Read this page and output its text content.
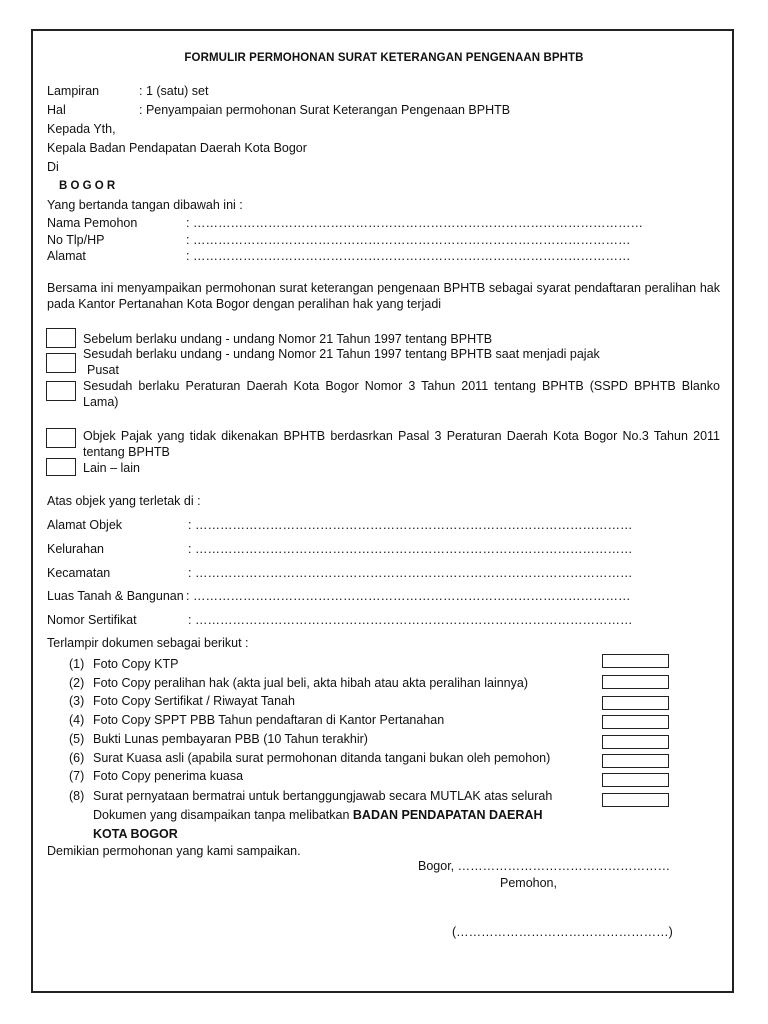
FORMULIR PERMOHONAN SURAT KETERANGAN PENGENAAN BPHTB
Lampiran	: 1 (satu) set
Hal	: Penyampaian permohonan Surat Keterangan Pengenaan BPHTB
Kepada Yth,
Kepala Badan Pendapatan Daerah Kota Bogor
Di
B O G O R
Yang bertanda tangan dibawah ini :
Nama Pemohon	: ………………………………………………………………………………………………
No Tlp/HP	: ……………………………………………………………………………………………
Alamat	: ……………………………………………………………………………………………
Bersama ini menyampaikan permohonan surat keterangan pengenaan BPHTB sebagai syarat pendaftaran peralihan hak pada Kantor Pertanahan Kota Bogor dengan peralihan hak yang terjadi
Sebelum berlaku undang - undang Nomor 21 Tahun 1997 tentang BPHTB
Sesudah berlaku undang - undang Nomor 21 Tahun 1997 tentang BPHTB saat menjadi pajak
Pusat
Sesudah berlaku Peraturan Daerah Kota Bogor Nomor 3 Tahun 2011 tentang BPHTB (SSPD BPHTB Blanko Lama)
Objek Pajak yang tidak dikenakan BPHTB berdasrkan Pasal 3 Peraturan Daerah Kota Bogor No.3 Tahun 2011 tentang BPHTB
Lain – lain
Atas objek yang terletak di :
Alamat Objek	: ……………………………………………………………………………………………
Kelurahan	: ……………………………………………………………………………………………
Kecamatan	: ……………………………………………………………………………………………
Luas Tanah & Bangunan : ……………………………………………………………………………………………
Nomor Sertifikat	: ……………………………………………………………………………………………
Terlampir dokumen sebagai berikut :
(1) Foto Copy KTP
(2) Foto Copy peralihan hak (akta jual beli, akta hibah atau akta peralihan lainnya)
(3) Foto Copy Sertifikat / Riwayat Tanah
(4) Foto Copy SPPT PBB Tahun pendaftaran di Kantor Pertanahan
(5) Bukti Lunas pembayaran PBB (10 Tahun terakhir)
(6) Surat Kuasa asli (apabila surat permohonan ditanda tangani bukan oleh pemohon)
(7) Foto Copy penerima kuasa
(8) Surat pernyataan bermatrai untuk bertanggungjawab secara MUTLAK atas selurah
Dokumen yang disampaikan tanpa melibatkan BADAN PENDAPATAN DAERAH
KOTA BOGOR
Demikian permohonan yang kami sampaikan.
Bogor, ……………………………………………
Pemohon,
(……………………………………………)
